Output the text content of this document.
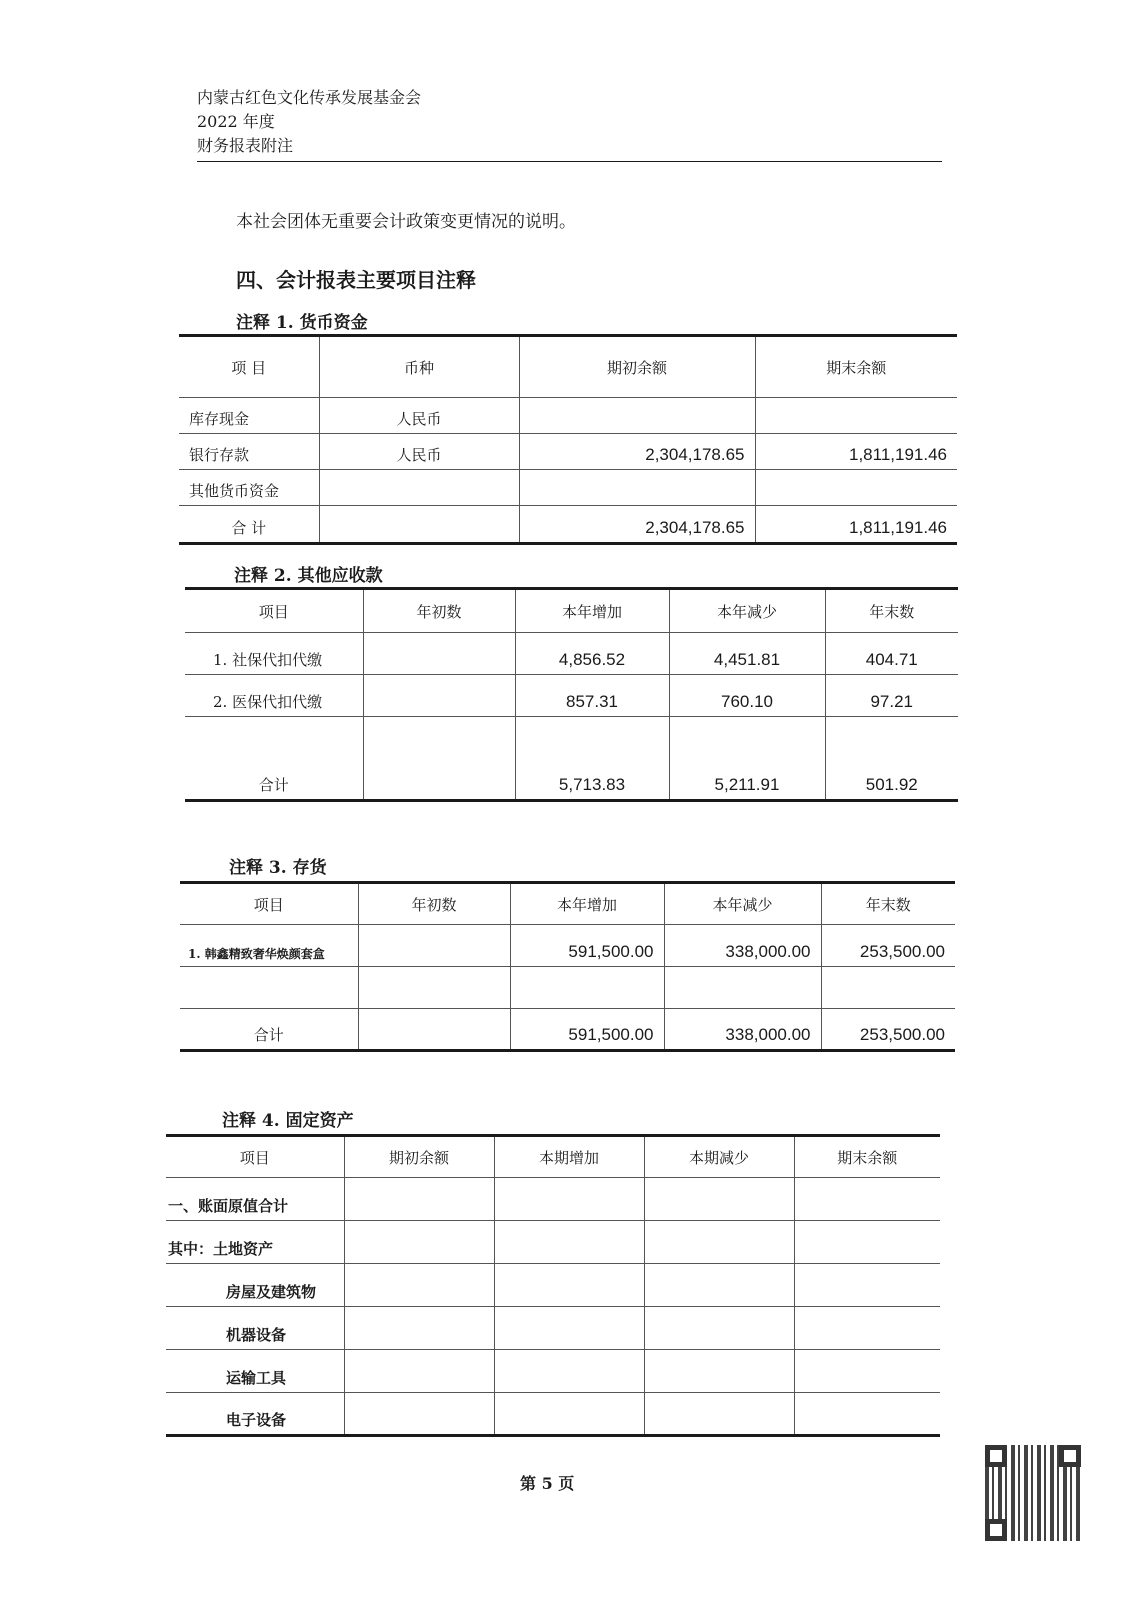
内蒙古红色文化传承发展基金会
2022 年度
财务报表附注
本社会团体无重要会计政策变更情况的说明。
四、会计报表主要项目注释
注释 1. 货币资金
项 目	币种	期初余额	期末余额
库存现金	人民币		
银行存款	人民币	2,304,178.65	1,811,191.46
其他货币资金			
合 计		2,304,178.65	1,811,191.46
注释 2. 其他应收款
项目	年初数	本年增加	本年减少	年末数
1. 社保代扣代缴		4,856.52	4,451.81	404.71
2. 医保代扣代缴		857.31	760.10	97.21
合计		5,713.83	5,211.91	501.92
注释 3. 存货
项目	年初数	本年增加	本年减少	年末数
1. 韩鑫精致奢华焕颜套盒		591,500.00	338,000.00	253,500.00

合计		591,500.00	338,000.00	253,500.00
注释 4. 固定资产
项目	期初余额	本期增加	本期减少	期末余额
一、账面原值合计				
其中：土地资产				
房屋及建筑物				
机器设备				
运输工具				
电子设备				
第 5 页
